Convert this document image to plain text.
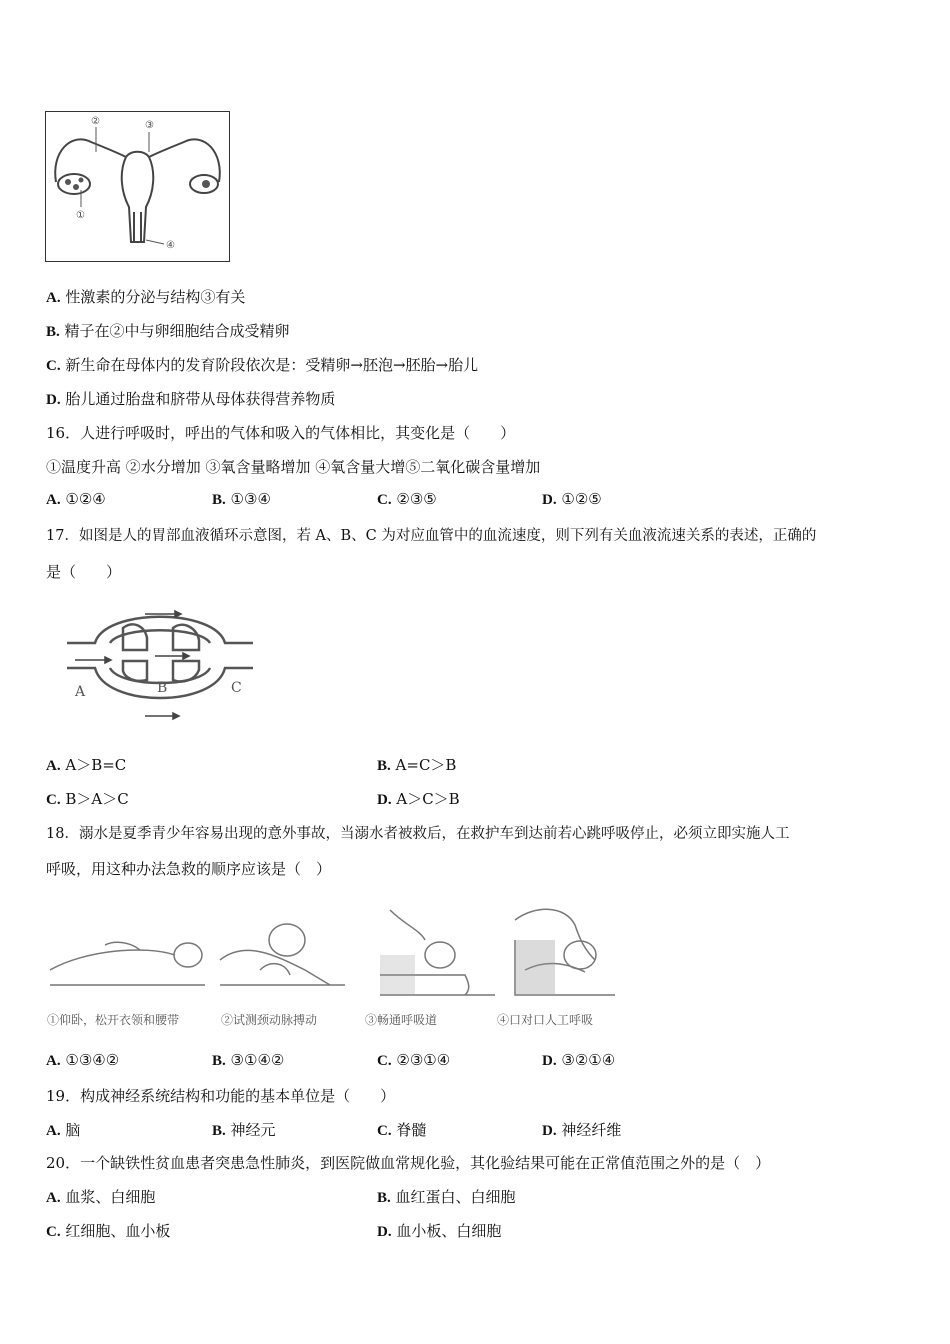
②	③
①
④
A. 性激素的分泌与结构③有关
B. 精子在②中与卵细胞结合成受精卵
C. 新生命在母体内的发育阶段依次是：受精卵→胚泡→胚胎→胎儿
D. 胎儿通过胎盘和脐带从母体获得营养物质
16．人进行呼吸时，呼出的气体和吸入的气体相比，其变化是（　　）
①温度升高 ②水分增加 ③氧含量略增加 ④氧含量大增⑤二氧化碳含量增加
A. ①②④	B. ①③④	C. ②③⑤	D. ①②⑤
17．如图是人的胃部血液循环示意图，若 A、B、C 为对应血管中的血流速度，则下列有关血液流速关系的表述，正确的
是（　　）
A	B	C
A. A＞B=C	B. A=C＞B
C. B＞A＞C	D. A＞C＞B
18．溺水是夏季青少年容易出现的意外事故，当溺水者被救后，在救护车到达前若心跳呼吸停止，必须立即实施人工
呼吸，用这种办法急救的顺序应该是（　）
①仰卧，松开衣领和腰带	②试测颈动脉搏动	③畅通呼吸道	④口对口人工呼吸
A. ①③④②	B. ③①④②	C. ②③①④	D. ③②①④
19．构成神经系统结构和功能的基本单位是（　　）
A. 脑	B. 神经元	C. 脊髓	D. 神经纤维
20．一个缺铁性贫血患者突患急性肺炎，到医院做血常规化验，其化验结果可能在正常值范围之外的是（　）
A. 血浆、白细胞	B. 血红蛋白、白细胞
C. 红细胞、血小板	D. 血小板、白细胞
